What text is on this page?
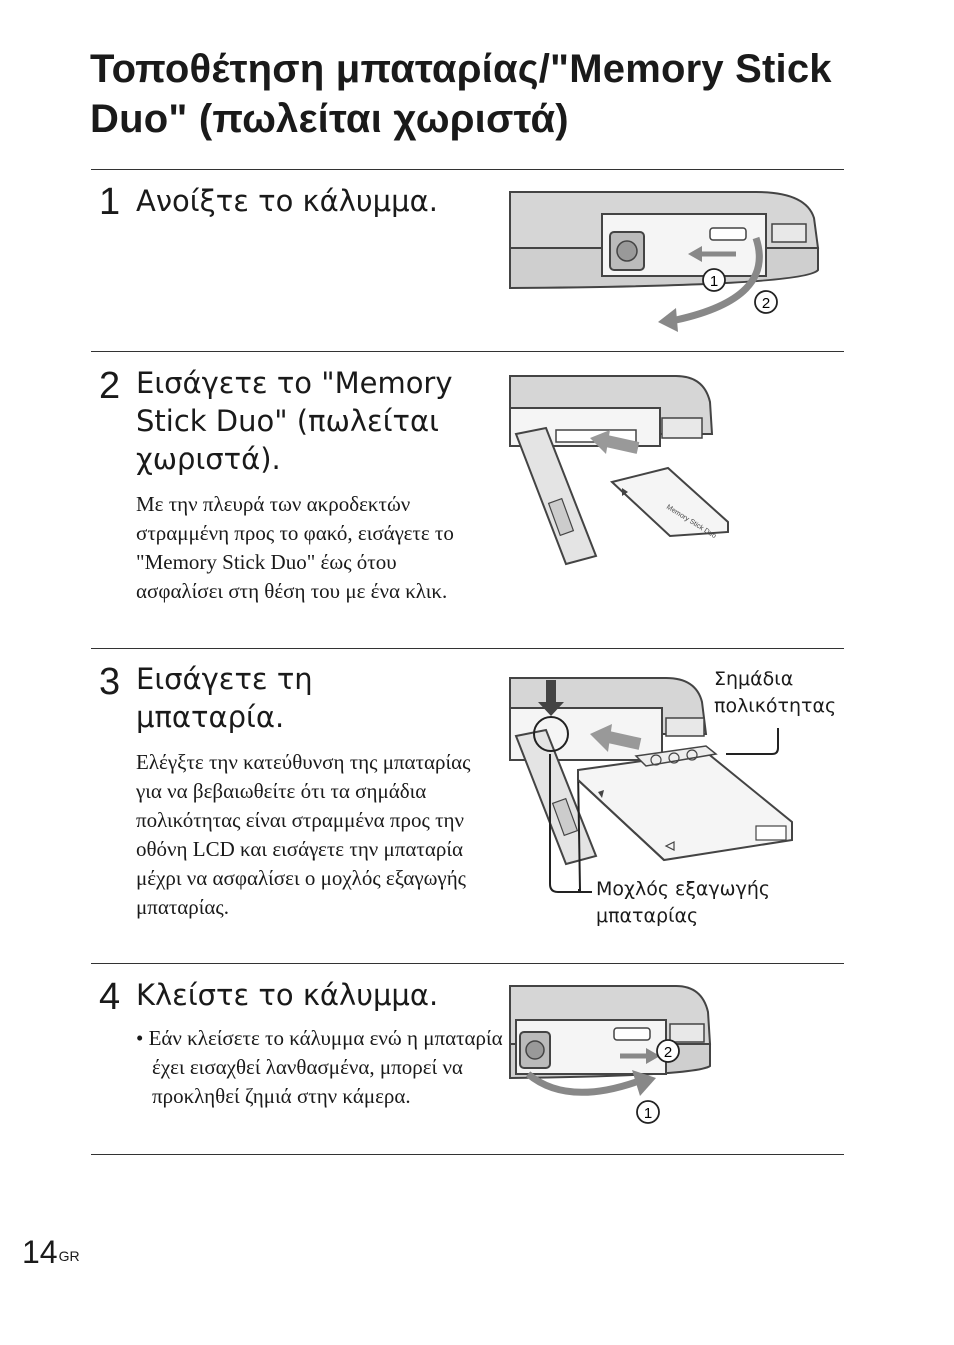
Τοποθέτηση μπαταρίας/"Memory Stick Duo" (πωλείται χωριστά)
1 Ανοίξτε το κάλυμμα.
1
2
2 Εισάγετε το "Memory Stick Duo" (πωλείται χωριστά).
Με την πλευρά των ακροδεκτών στραμμένη προς το φακό, εισάγετε το "Memory Stick Duo" έως ότου ασφαλίσει στη θέση του με ένα κλικ.
Memory Stick Duo
3 Εισάγετε τη μπαταρία.
Ελέγξτε την κατεύθυνση της μπαταρίας για να βεβαιωθείτε ότι τα σημάδια πολικότητας είναι στραμμένα προς την οθόνη LCD και εισάγετε την μπαταρία μέχρι να ασφαλίσει ο μοχλός εξαγωγής μπαταρίας.
Σημάδια
πολικότητας
Μοχλός εξαγωγής
μπαταρίας
4 Κλείστε το κάλυμμα.
• Εάν κλείσετε το κάλυμμα ενώ η μπαταρία έχει εισαχθεί λανθασμένα, μπορεί να προκληθεί ζημιά στην κάμερα.
2
1
$14^{GR}$
